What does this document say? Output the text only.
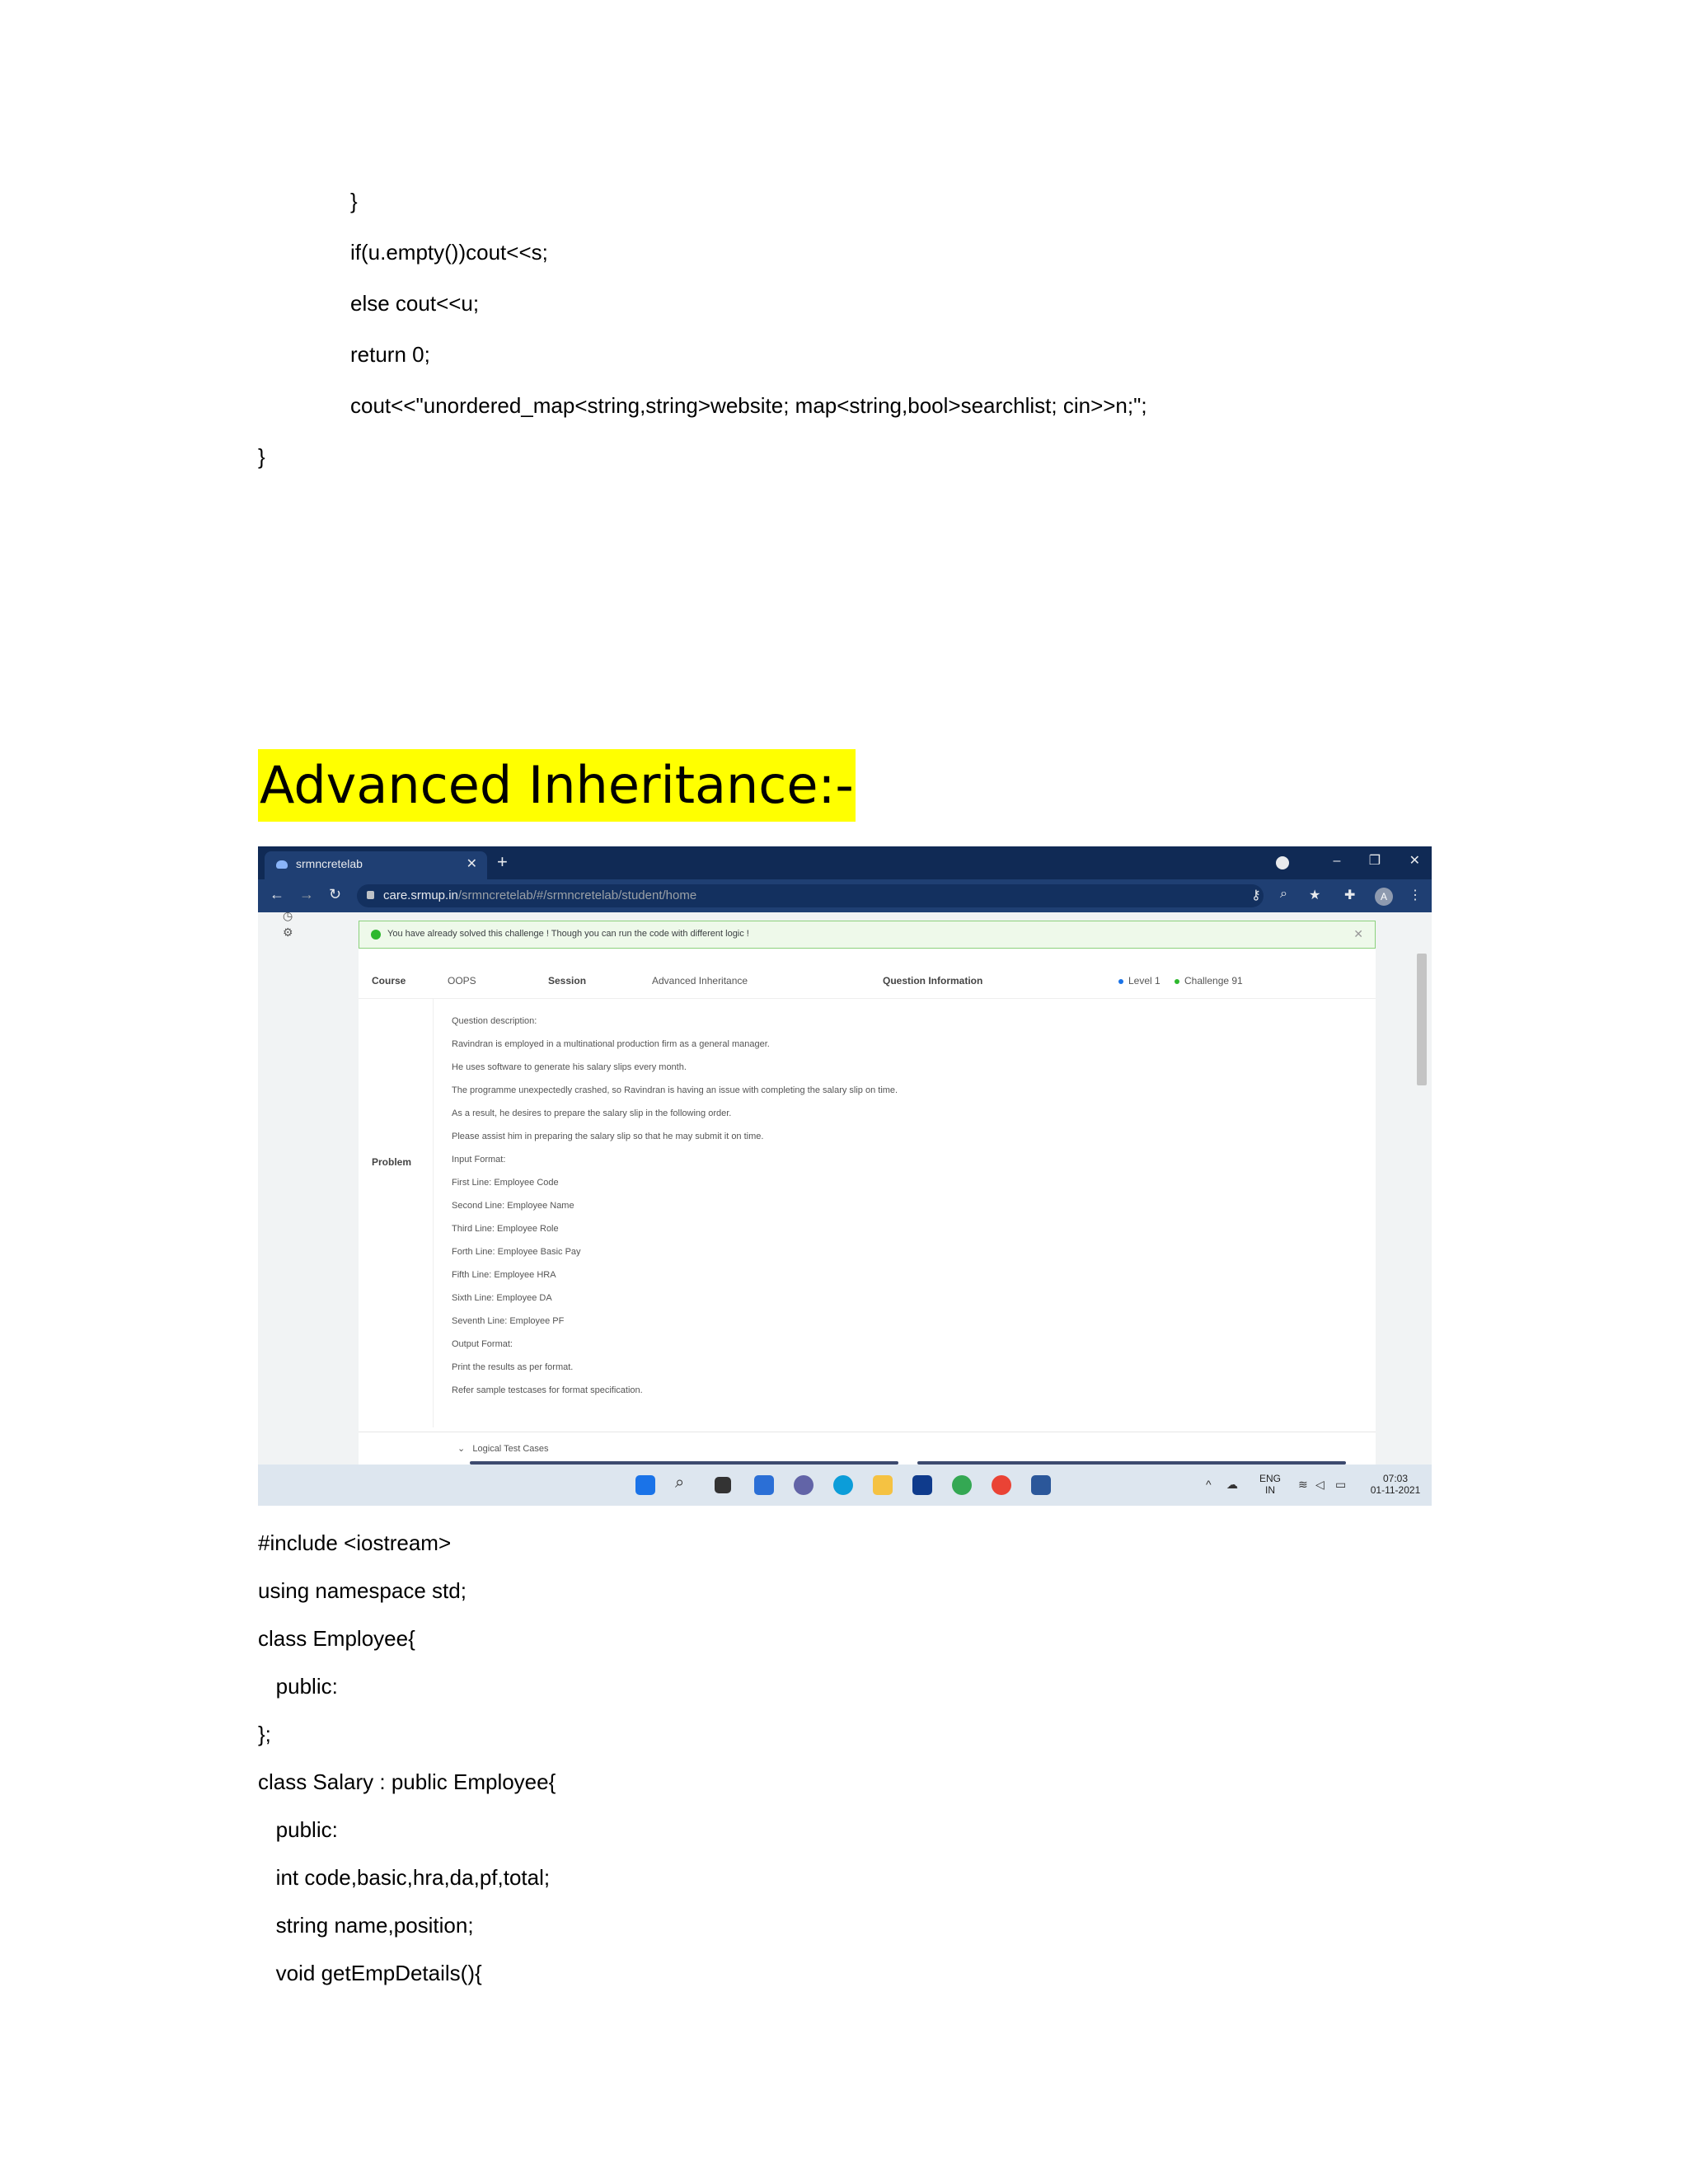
}
if(u.empty())cout<<s;
else cout<<u;
return 0;
cout<<"unordered_map<string,string>website; map<string,bool>searchlist; cin>>n;";
}
Advanced Inheritance:-
srmncretelab	✕ +	– ❐ ✕
← → ↻	care.srmup.in/srmncretelab/#/srmncretelab/student/home	⚷ ⌕ ★ ✚	A	⋮
◷
⚙	You have already solved this challenge ! Though you can run the code with different logic !	✕
Course	OOPS	Session	Advanced Inheritance	Question Information	Level 1	Challenge 91
Problem
Question description:
Ravindran is employed in a multinational production firm as a general manager.
He uses software to generate his salary slips every month.
The programme unexpectedly crashed, so Ravindran is having an issue with completing the salary slip on time.
As a result, he desires to prepare the salary slip in the following order.
Please assist him in preparing the salary slip so that he may submit it on time.
Input Format:
First Line: Employee Code
Second Line: Employee Name
Third Line: Employee Role
Forth Line: Employee Basic Pay
Fifth Line: Employee HRA
Sixth Line: Employee DA
Seventh Line: Employee PF
Output Format:
Print the results as per format.
Refer sample testcases for format specification.
⌄ Logical Test Cases
⌕	^ ☁	ENG
IN	≋ ◁ ▭	07:03
01-11-2021
#include <iostream>
using namespace std;
class Employee{
public:
};
class Salary : public Employee{
public:
int code,basic,hra,da,pf,total;
string name,position;
void getEmpDetails(){
